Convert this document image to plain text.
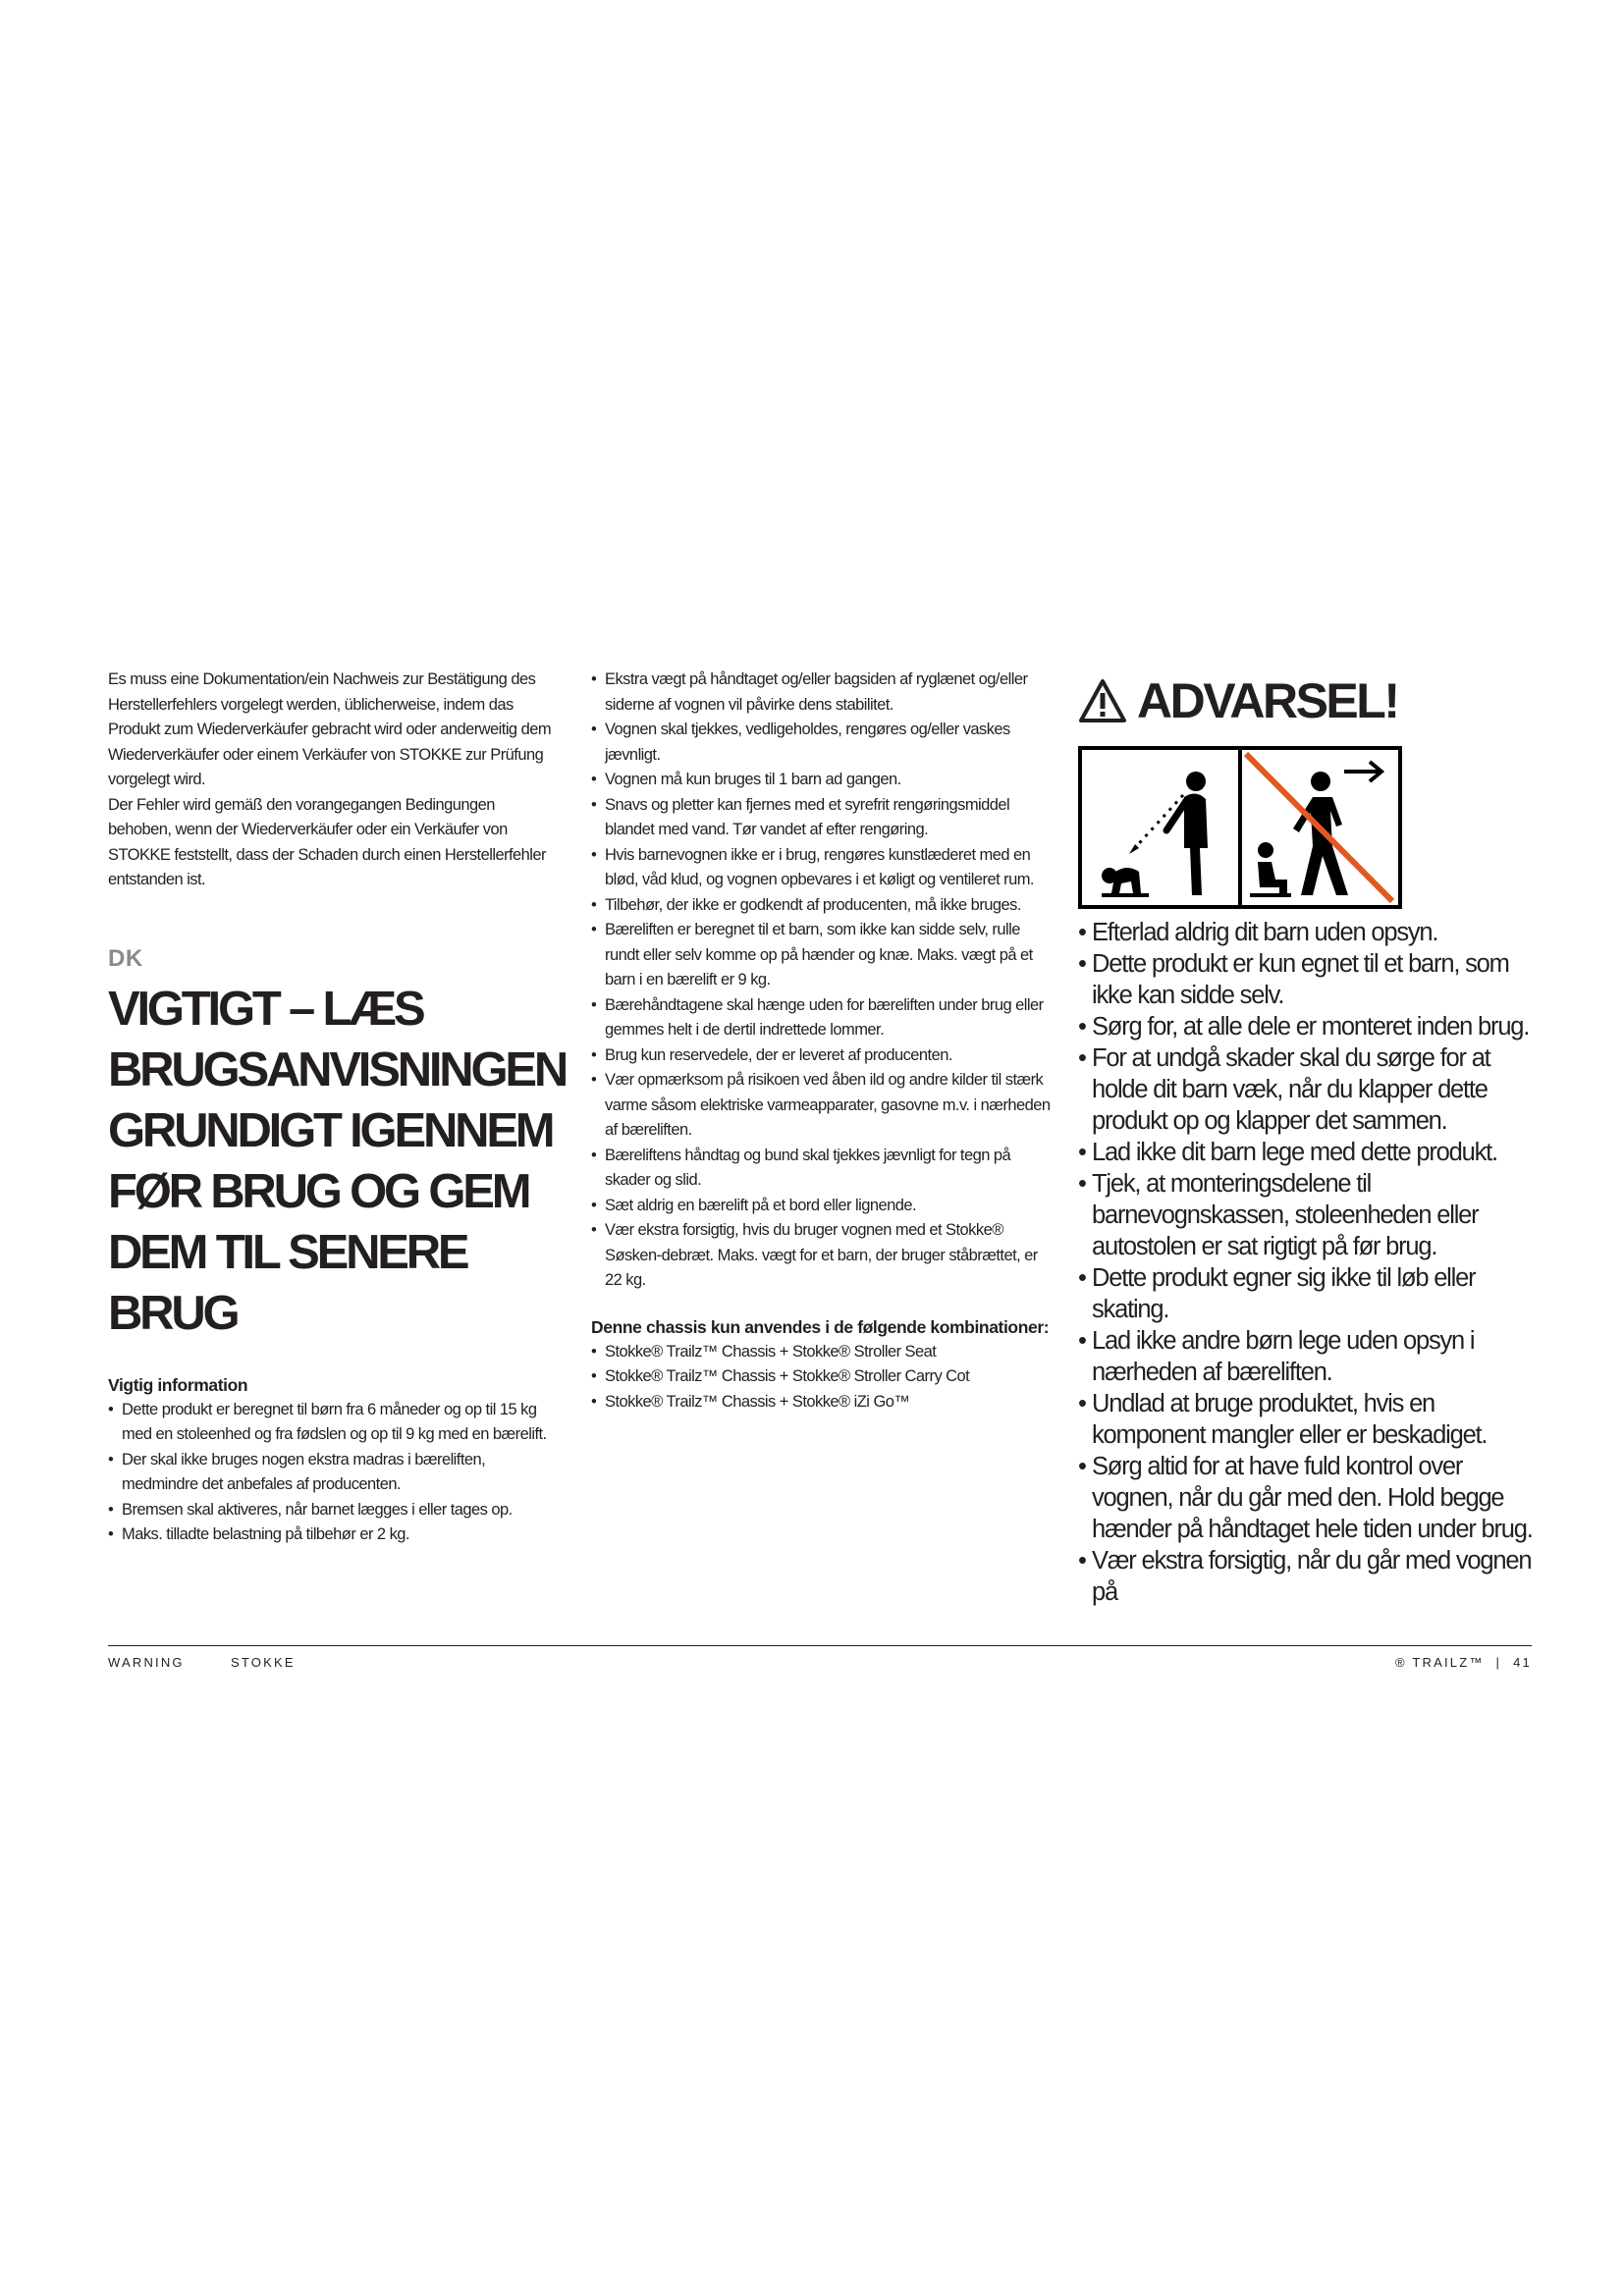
Es muss eine Dokumentation/ein Nachweis zur Bestätigung des Herstellerfehlers vorgelegt werden, üblicherweise, indem das Produkt zum Wiederverkäufer gebracht wird oder anderweitig dem Wiederverkäufer oder einem Verkäufer von STOKKE zur Prüfung vorgelegt wird.

Der Fehler wird gemäß den vorangegangen Bedingungen behoben, wenn der Wiederverkäufer oder ein Verkäufer von STOKKE feststellt, dass der Schaden durch einen Herstellerfehler entstanden ist.

DK
VIGTIGT – LÆS
BRUGSANVISNINGEN
GRUNDIGT IGENNEM
FØR BRUG OG GEM
DEM TIL SENERE
BRUG
Vigtig information
• Dette produkt er beregnet til børn fra 6 måneder og op til 15 kg med en stoleenhed og fra fødslen og op til 9 kg med en bærelift.
• Der skal ikke bruges nogen ekstra madras i bæreliften, medmindre det anbefales af producenten.
• Bremsen skal aktiveres, når barnet lægges i eller tages op.
• Maks. tilladte belastning på tilbehør er 2 kg.
• Ekstra vægt på håndtaget og/eller bagsiden af ryglænet og/eller siderne af vognen vil påvirke dens stabilitet.
• Vognen skal tjekkes, vedligeholdes, rengøres og/eller vaskes jævnligt.
• Vognen må kun bruges til 1 barn ad gangen.
• Snavs og pletter kan fjernes med et syrefrit rengøringsmiddel blandet med vand. Tør vandet af efter rengøring.
• Hvis barnevognen ikke er i brug, rengøres kunstlæderet med en blød, våd klud, og vognen opbevares i et køligt og ventileret rum.
• Tilbehør, der ikke er godkendt af producenten, må ikke bruges.
• Bæreliften er beregnet til et barn, som ikke kan sidde selv, rulle rundt eller selv komme op på hænder og knæ. Maks. vægt på et barn i en bærelift er 9 kg.
• Bærehåndtagene skal hænge uden for bæreliften under brug eller gemmes helt i de dertil indrettede lommer.
• Brug kun reservedele, der er leveret af producenten.
• Vær opmærksom på risikoen ved åben ild og andre kilder til stærk varme såsom elektriske varmeapparater, gasovne m.v. i nærheden af bæreliften.
• Bæreliftens håndtag og bund skal tjekkes jævnligt for tegn på skader og slid.
• Sæt aldrig en bærelift på et bord eller lignende.
• Vær ekstra forsigtig, hvis du bruger vognen med et Stokke® Søsken-debræt. Maks. vægt for et barn, der bruger ståbrættet, er 22 kg.
Denne chassis kun anvendes i de følgende kombinationer:
• Stokke® Trailz™ Chassis + Stokke® Stroller Seat
• Stokke® Trailz™ Chassis + Stokke® Stroller Carry Cot
• Stokke® Trailz™ Chassis + Stokke® iZi Go™
ADVARSEL!
• Efterlad aldrig dit barn uden opsyn.
• Dette produkt er kun egnet til et barn, som ikke kan sidde selv.
• Sørg for, at alle dele er monteret inden brug.
• For at undgå skader skal du sørge for at holde dit barn væk, når du klapper dette produkt op og klapper det sammen.
• Lad ikke dit barn lege med dette produkt.
• Tjek, at monteringsdelene til barnevognskassen, stoleenheden eller autostolen er sat rigtigt på før brug.
• Dette produkt egner sig ikke til løb eller skating.
• Lad ikke andre børn lege uden opsyn i nærheden af bæreliften.
• Undlad at bruge produktet, hvis en komponent mangler eller er beskadiget.
• Sørg altid for at have fuld kontrol over vognen, når du går med den. Hold begge hænder på håndtaget hele tiden under brug.
• Vær ekstra forsigtig, når du går med vognen på
WARNING	STOKKE	® TRAILZ™ | 41
